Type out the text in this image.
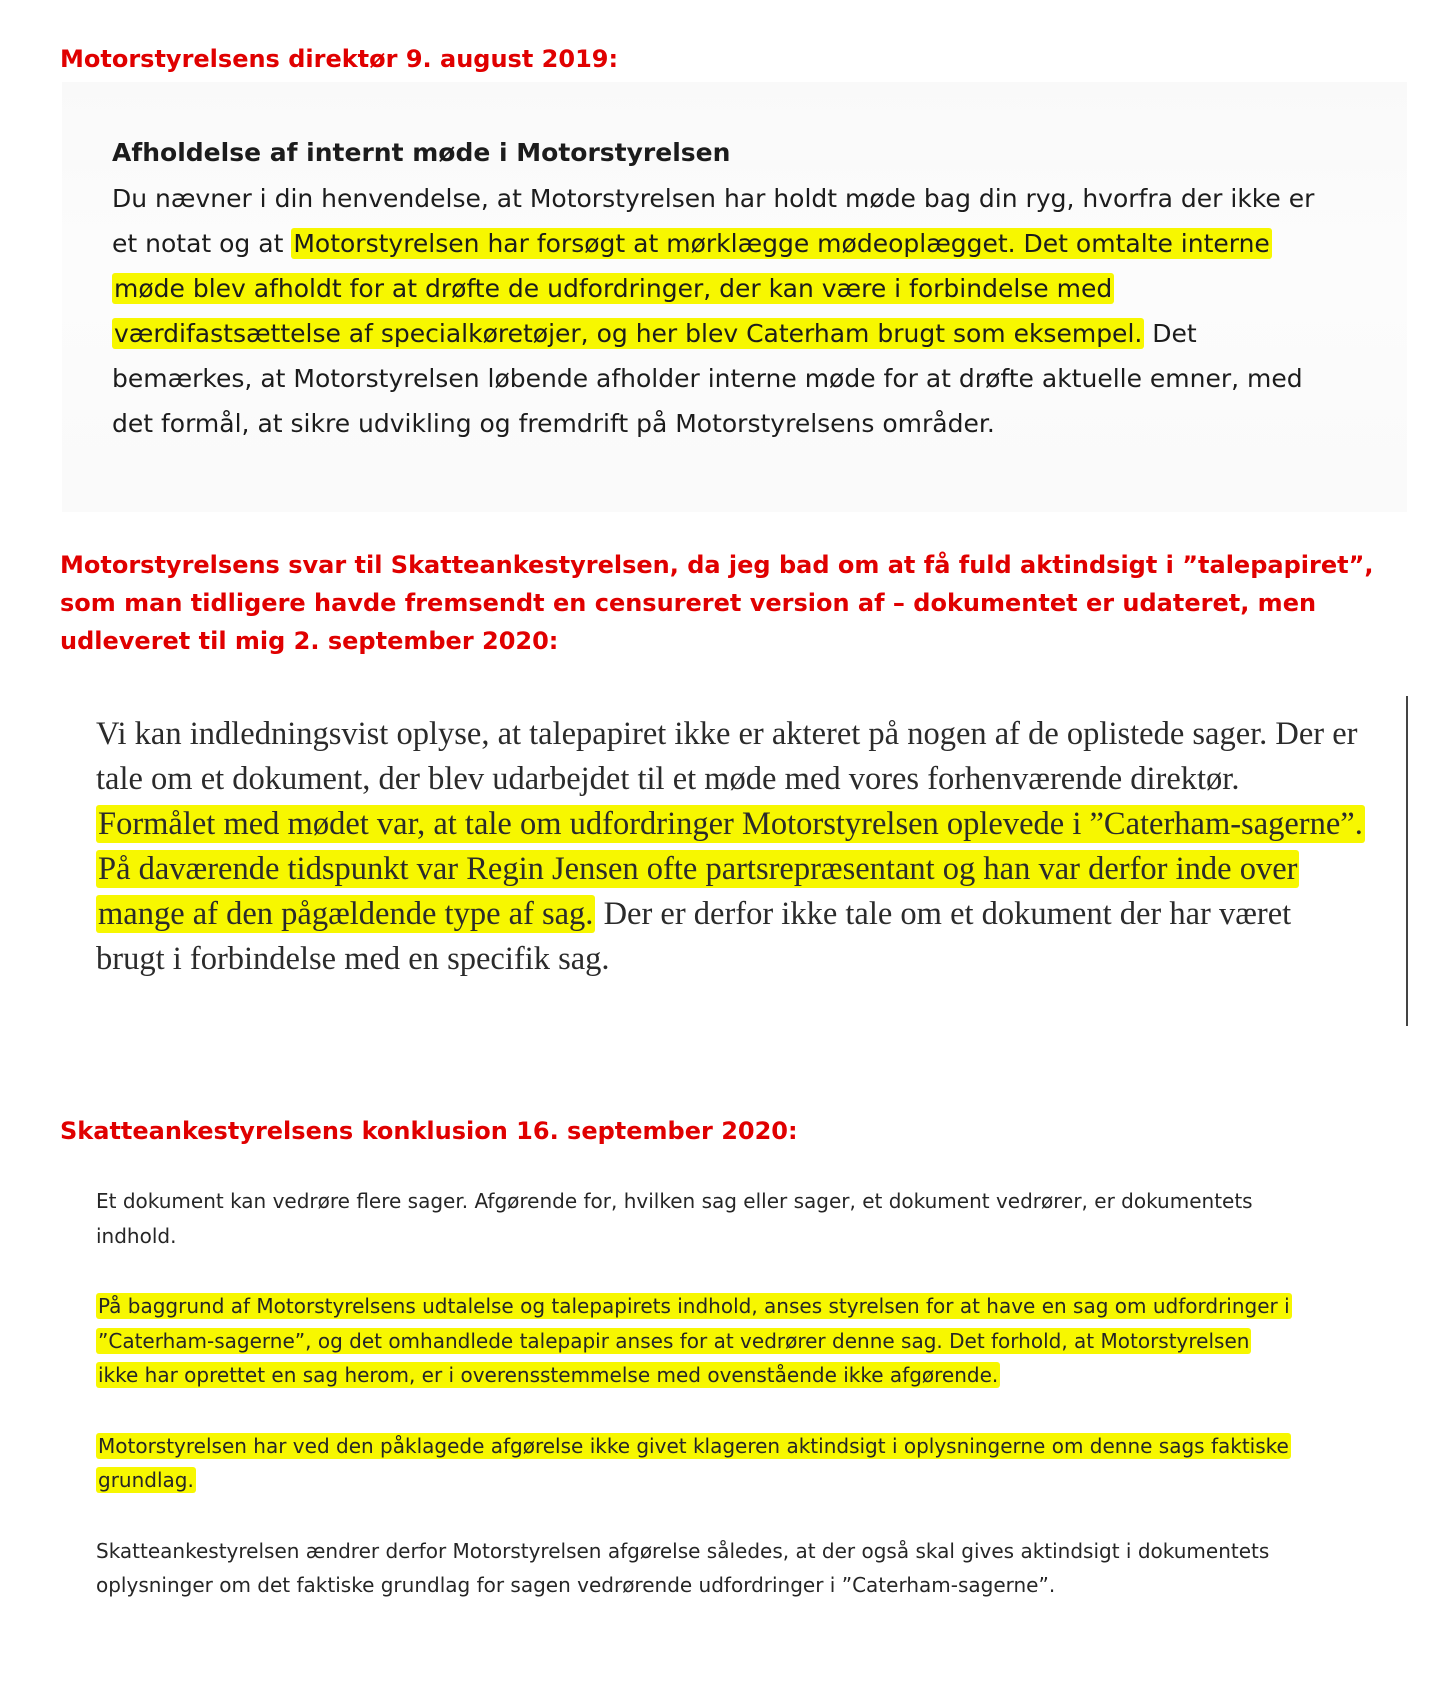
Motorstyrelsens direktør 9. august 2019:

Afholdelse af internt møde i Motorstyrelsen

Du nævner i din henvendelse, at Motorstyrelsen har holdt møde bag din ryg, hvorfra der ikke er et notat og at Motorstyrelsen har forsøgt at mørklægge mødeoplægget. Det omtalte interne møde blev afholdt for at drøfte de udfordringer, der kan være i forbindelse med værdifastsættelse af specialkøretøjer, og her blev Caterham brugt som eksempel. Det bemærkes, at Motorstyrelsen løbende afholder interne møde for at drøfte aktuelle emner, med det formål, at sikre udvikling og fremdrift på Motorstyrelsens områder.

Motorstyrelsens svar til Skatteankestyrelsen, da jeg bad om at få fuld aktindsigt i ”talepapiret”, som man tidligere havde fremsendt en censureret version af – dokumentet er udateret, men udleveret til mig 2. september 2020:

Vi kan indledningsvist oplyse, at talepapiret ikke er akteret på nogen af de oplistede sager. Der er tale om et dokument, der blev udarbejdet til et møde med vores forhenværende direktør. Formålet med mødet var, at tale om udfordringer Motorstyrelsen oplevede i ”Caterham-sagerne”. På daværende tidspunkt var Regin Jensen ofte partsrepræsentant og han var derfor inde over mange af den pågældende type af sag. Der er derfor ikke tale om et dokument der har været brugt i forbindelse med en specifik sag.

Skatteankestyrelsens konklusion 16. september 2020:

Et dokument kan vedrøre flere sager. Afgørende for, hvilken sag eller sager, et dokument vedrører, er dokumentets indhold.

På baggrund af Motorstyrelsens udtalelse og talepapirets indhold, anses styrelsen for at have en sag om udfordringer i ”Caterham-sagerne”, og det omhandlede talepapir anses for at vedrører denne sag. Det forhold, at Motorstyrelsen ikke har oprettet en sag herom, er i overensstemmelse med ovenstående ikke afgørende.

Motorstyrelsen har ved den påklagede afgørelse ikke givet klageren aktindsigt i oplysningerne om denne sags faktiske grundlag.

Skatteankestyrelsen ændrer derfor Motorstyrelsen afgørelse således, at der også skal gives aktindsigt i dokumentets oplysninger om det faktiske grundlag for sagen vedrørende udfordringer i ”Caterham-sagerne”.
